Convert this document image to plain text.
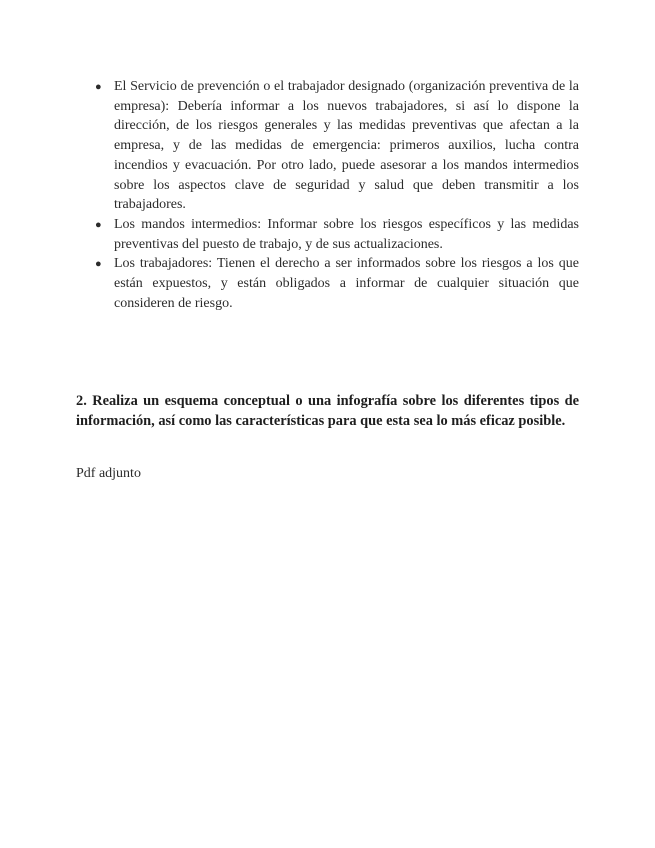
● El Servicio de prevención o el trabajador designado (organización preventiva de la empresa): Debería informar a los nuevos trabajadores, si así lo dispone la dirección, de los riesgos generales y las medidas preventivas que afectan a la empresa, y de las medidas de emergencia: primeros auxilios, lucha contra incendios y evacuación. Por otro lado, puede asesorar a los mandos intermedios sobre los aspectos clave de seguridad y salud que deben transmitir a los trabajadores.
● Los mandos intermedios: Informar sobre los riesgos específicos y las medidas preventivas del puesto de trabajo, y de sus actualizaciones.
● Los trabajadores: Tienen el derecho a ser informados sobre los riesgos a los que están expuestos, y están obligados a informar de cualquier situación que consideren de riesgo.

2. Realiza un esquema conceptual o una infografía sobre los diferentes tipos de información, así como las características para que esta sea lo más eficaz posible.

Pdf adjunto
